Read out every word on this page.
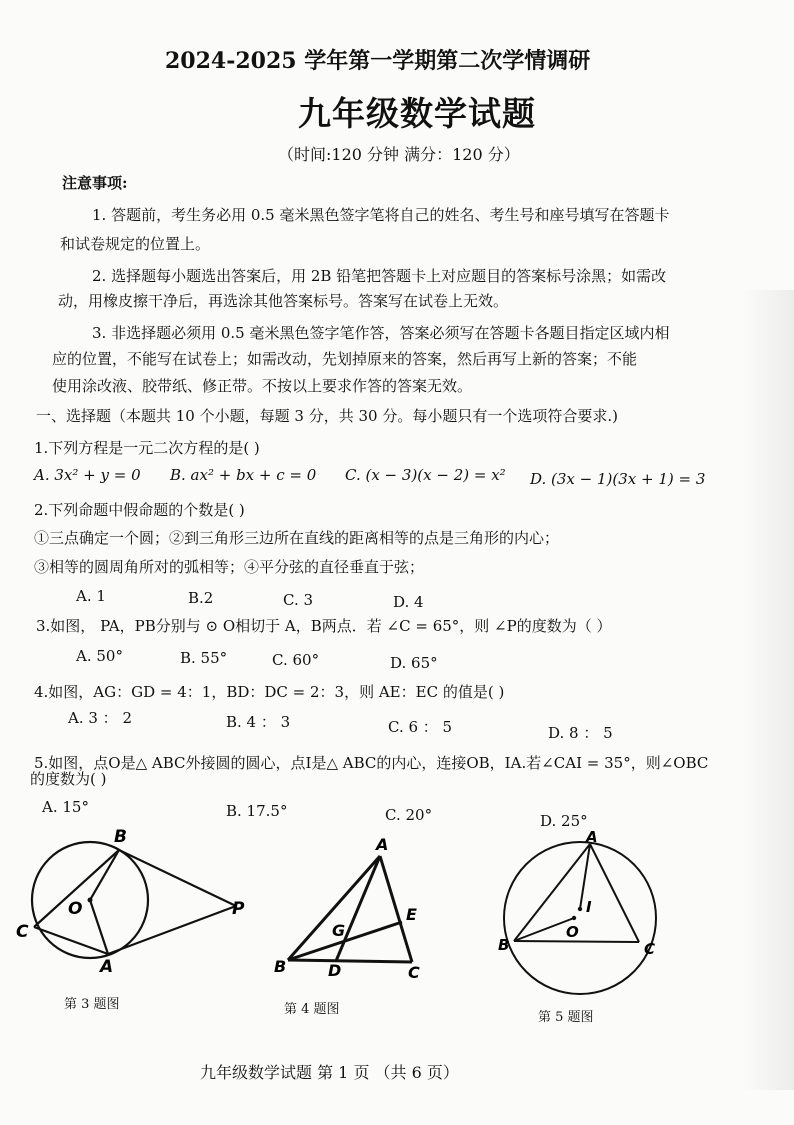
2024-2025 学年第一学期第二次学情调研
九年级数学试题
（时间:120 分钟 满分：120 分）
注意事项:
1. 答题前，考生务必用 0.5 毫米黑色签字笔将自己的姓名、考生号和座号填写在答题卡
和试卷规定的位置上。
2. 选择题每小题选出答案后，用 2B 铅笔把答题卡上对应题目的答案标号涂黑；如需改
动，用橡皮擦干净后，再选涂其他答案标号。答案写在试卷上无效。
3. 非选择题必须用 0.5 毫米黑色签字笔作答，答案必须写在答题卡各题目指定区域内相
应的位置，不能写在试卷上；如需改动，先划掉原来的答案，然后再写上新的答案；不能
使用涂改液、胶带纸、修正带。不按以上要求作答的答案无效。
一、选择题（本题共 10 个小题，每题 3 分，共 30 分。每小题只有一个选项符合要求.)
1.下列方程是一元二次方程的是( )
A. 3x² + y = 0 B. ax² + bx + c = 0 C. (x − 3)(x − 2) = x² D. (3x − 1)(3x + 1) = 3
2.下列命题中假命题的个数是( )
①三点确定一个圆；②到三角形三边所在直线的距离相等的点是三角形的内心；
③相等的圆周角所对的弧相等；④平分弦的直径垂直于弦；
A. 1	B.2	C. 3	D. 4
3.如图， PA，PB分别与 ⊙ O相切于 A，B两点．若 ∠C = 65°，则 ∠P的度数为（ ）
A. 50°	B. 55°	C. 60°	D. 65°
4.如图，AG：GD = 4：1，BD：DC = 2：3，则 AE：EC 的值是( )
A. 3 ： 2	B. 4 ： 3	C. 6 ： 5	D. 8 ： 5
5.如图，点O是△ ABC外接圆的圆心，点I是△ ABC的内心，连接OB，IA.若∠CAI = 35°，则∠OBC
的度数为( )
A. 15°	B. 17.5°	C. 20°	D. 25°
B
O
C
A
P
第 3 题图
A
E
G
B	D	C
第 4 题图
A
I
O
B	C
第 5 题图
九年级数学试题 第 1 页 （共 6 页）
